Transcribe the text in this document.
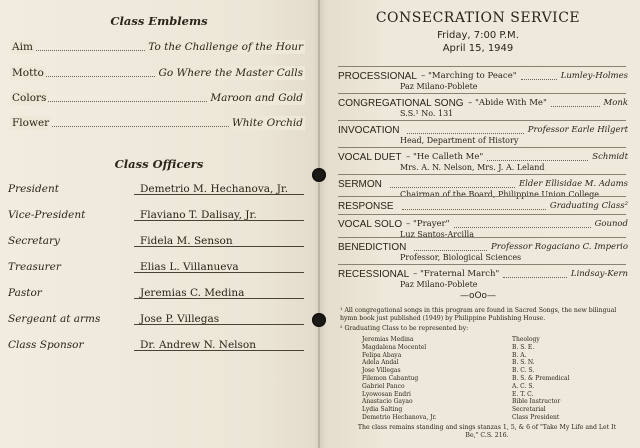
Class Emblems
Aim	To the Challenge of the Hour
Motto	Go Where the Master Calls
Colors	Maroon and Gold
Flower	White Orchid
Class Officers
President	Demetrio M. Hechanova, Jr.
Vice-President	Flaviano T. Dalisay, Jr.
Secretary	Fidela M. Senson
Treasurer	Elias L. Villanueva
Pastor	Jeremias C. Medina
Sergeant at arms	Jose P. Villegas
Class Sponsor	Dr. Andrew N. Nelson
CONSECRATION SERVICE
Friday, 7:00 P.M.
April 15, 1949
PROCESSIONAL – "Marching to Peace"	Lumley-Holmes
Paz Milano-Poblete
CONGREGATIONAL SONG – "Abide With Me"	Monk
S.S.¹ No. 131
INVOCATION	Professor Earle Hilgert
Head, Department of History
VOCAL DUET – "He Calleth Me"	Schmidt
Mrs. A. N. Nelson, Mrs. J. A. Leland
SERMON	Elder Ellisidae M. Adams
Chairman of the Board, Philippine Union College
RESPONSE	Graduating Class²
VOCAL SOLO – "Prayer"	Gounod
Luz Santos-Arcilla
BENEDICTION	Professor Rogaciano C. Imperio
Professor, Biological Sciences
RECESSIONAL – "Fraternal March"	Lindsay-Kern
Paz Milano-Poblete
—oOo—
¹ All congregational songs in this program are found in Sacred Songs, the new bilingual hymn book just published (1949) by Philippine Publishing House.
² Graduating Class to be represented by:
Jeremias Medina	Theology
Magdalena Mocentel	B. S. E.
Felipa Abaya	B. A.
Adela Andal	B. S. N.
Jose Villegas	B. C. S.
Filemon Cabantug	B. S. & Premedical
Gabriel Panco	A. C. S.
Lyowosan Endri	E. T. C.
Anastacio Gayao	Bible Instructor
Lydia Salting	Secretarial
Demetrio Hechanova, Jr.	Class President
The class remains standing and sings stanzas 1, 5, & 6 of "Take My Life and Let It Be," C.S. 216.
